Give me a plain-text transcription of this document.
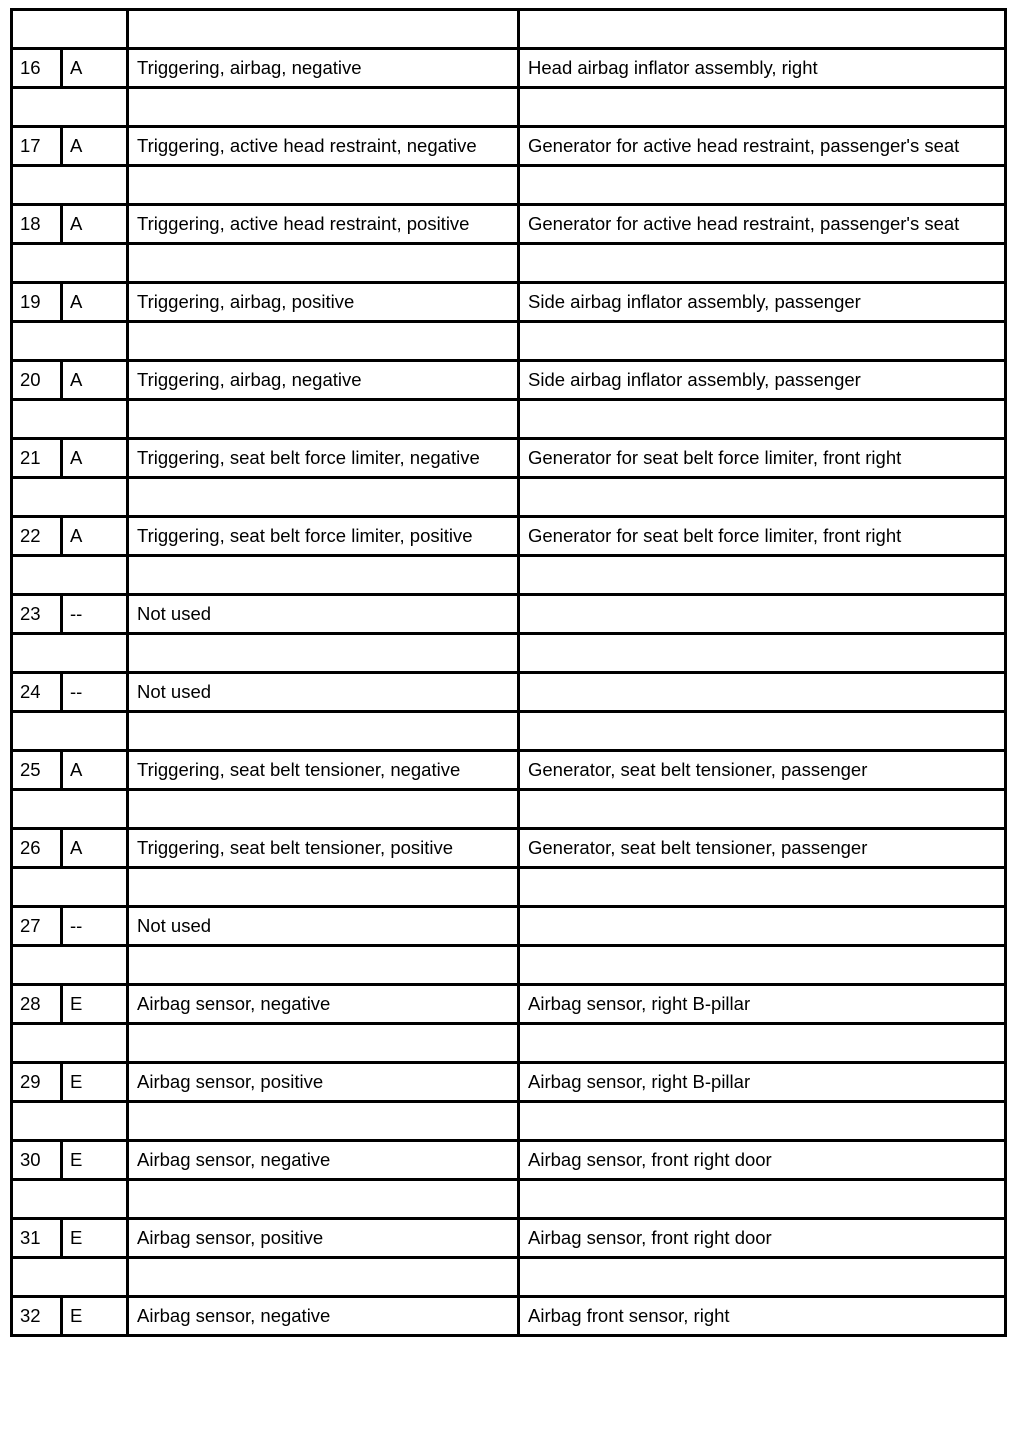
16	A	Triggering, airbag, negative	Head airbag inflator assembly, right

17	A	Triggering, active head restraint, negative	Generator for active head restraint, passenger's seat

18	A	Triggering, active head restraint, positive	Generator for active head restraint, passenger's seat

19	A	Triggering, airbag, positive	Side airbag inflator assembly, passenger

20	A	Triggering, airbag, negative	Side airbag inflator assembly, passenger

21	A	Triggering, seat belt force limiter, negative	Generator for seat belt force limiter, front right

22	A	Triggering, seat belt force limiter, positive	Generator for seat belt force limiter, front right

23	--	Not used	

24	--	Not used	

25	A	Triggering, seat belt tensioner, negative	Generator, seat belt tensioner, passenger

26	A	Triggering, seat belt tensioner, positive	Generator, seat belt tensioner, passenger

27	--	Not used	

28	E	Airbag sensor, negative	Airbag sensor, right B-pillar

29	E	Airbag sensor, positive	Airbag sensor, right B-pillar

30	E	Airbag sensor, negative	Airbag sensor, front right door

31	E	Airbag sensor, positive	Airbag sensor, front right door

32	E	Airbag sensor, negative	Airbag front sensor, right
